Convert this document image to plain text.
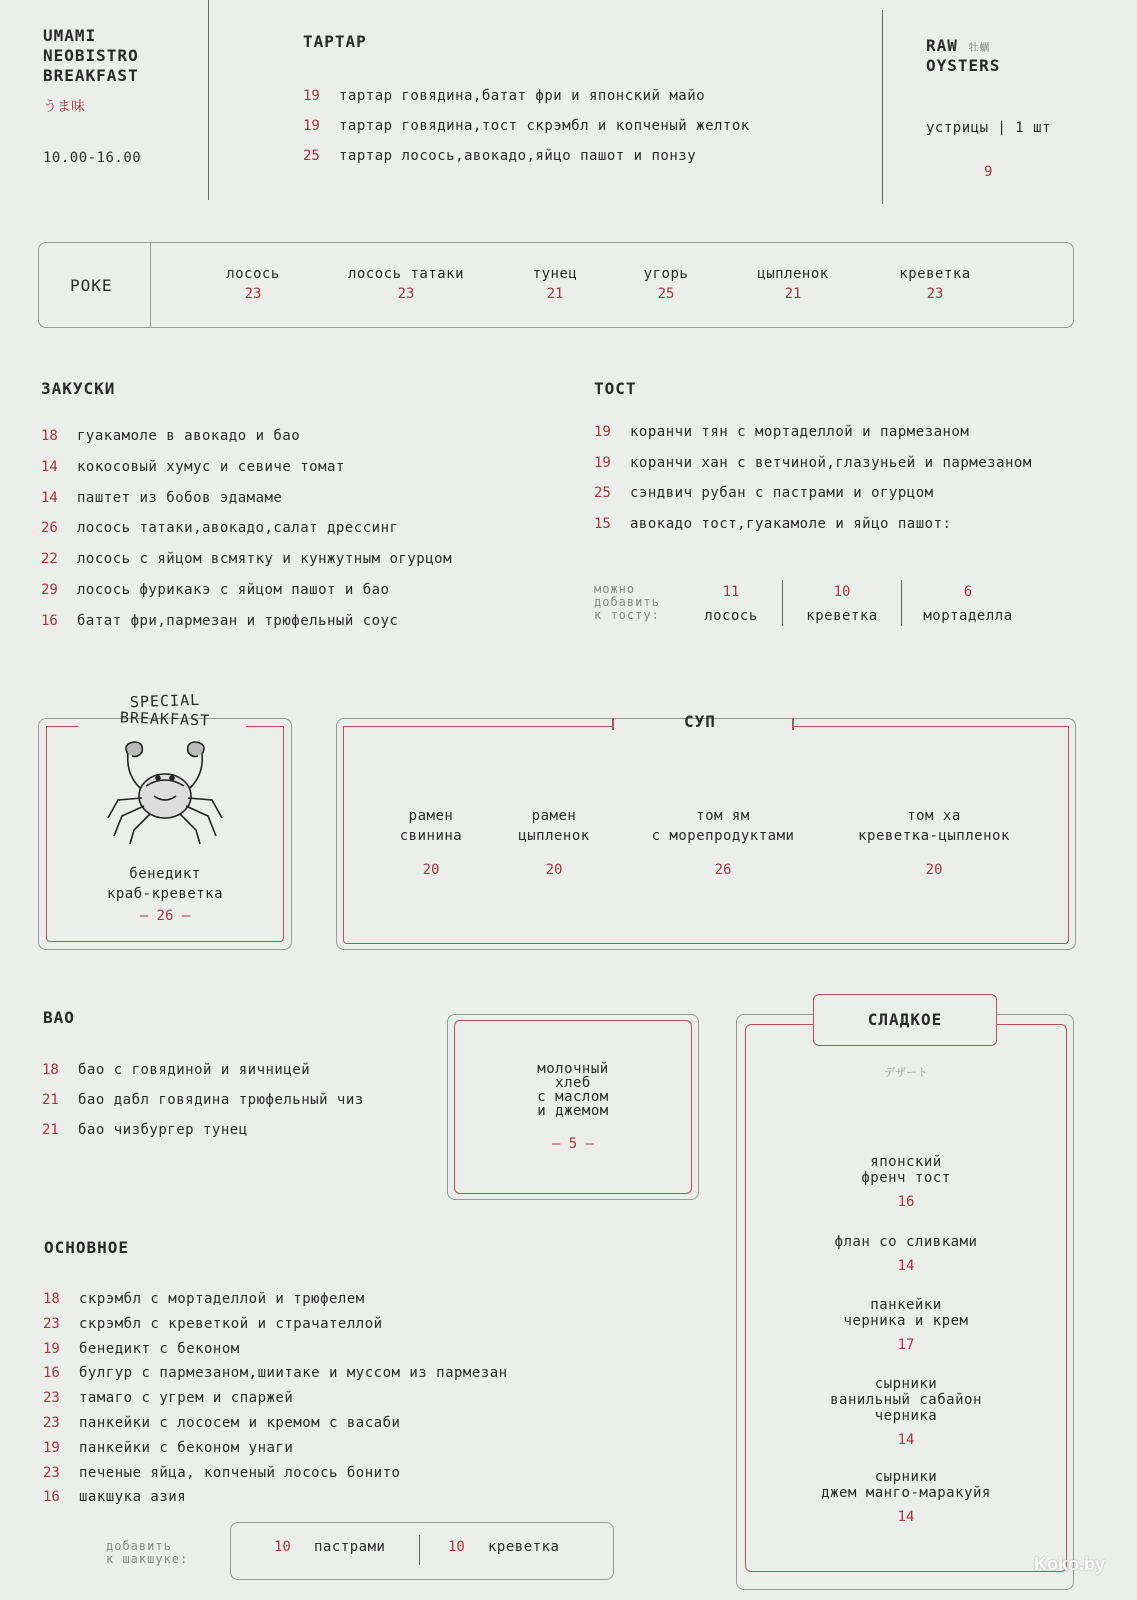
UMAMI
NEOBISTRO
BREAKFAST
うま味
10.00-16.00
ТАРТАР
19	тартар говядина,батат фри и японский майо
19	тартар говядина,тост скрэмбл и копченый желток
25	тартар лосось,авокадо,яйцо пашот и понзу
RAW 牡蠣
OYSTERS
устрицы | 1 шт
9
POKE
лосось
23
лосось татаки
23
тунец
21
угорь
25
цыпленок
21
креветка
23
ЗАКУСКИ
18	гуакамоле в авокадо и бао
14	кокосовый хумус и севиче томат
14	паштет из бобов эдамаме
26	лосось татаки,авокадо,салат дрессинг
22	лосось с яйцом всмятку и кунжутным огурцом
29	лосось фурикакэ с яйцом пашот и бао
16	батат фри,пармезан и трюфельный соус
ТОСТ
19	кoранчи тян с мортаделлой и пармезаном
19	коранчи хан с ветчиной,глазуньей и пармезаном
25	сэндвич рубан с пастрами и огурцом
15	авокадо тост,гуакамоле и яйцо пашот:
можно
добавить
к тосту:
11
лосось
10
креветка
6
мортаделла
SPECIAL
BREAKFAST
бенедикт
краб-креветка
— 26 —
СУП
рамен
свинина
20
рамен
цыпленок
20
том ям
с морепродуктами
26
том ха
креветка-цыпленок
20
BAO
18	бао с говядиной и яичницей
21	бао дабл говядина трюфельный чиз
21	бао чизбургер тунец
молочный
хлеб
с маслом
и джемом
— 5 —
ОСНОВНОЕ
18	скрэмбл с мортаделлой и трюфелем
23	скрэмбл с креветкой и страчателлой
19	бенедикт с беконом
16	булгур с пармезаном,шиитаке и муссом из пармезан
23	тамаго с угрем и спаржей
23	панкейки с лососем и кремом с васаби
19	панкейки с беконом унаги
23	печеные яйца, копченый лосось бонито
16	шакшука азия
добавить
к шакшуке:
10	пастрами	10	креветка
СЛАДКОЕ
デザート
японский
френч тост
16
флан со сливками
14
панкейки
черника и крем
17
сырники
ванильный сабайон
черника
14
сырники
джем манго-маракуйя
14
Koko.by
